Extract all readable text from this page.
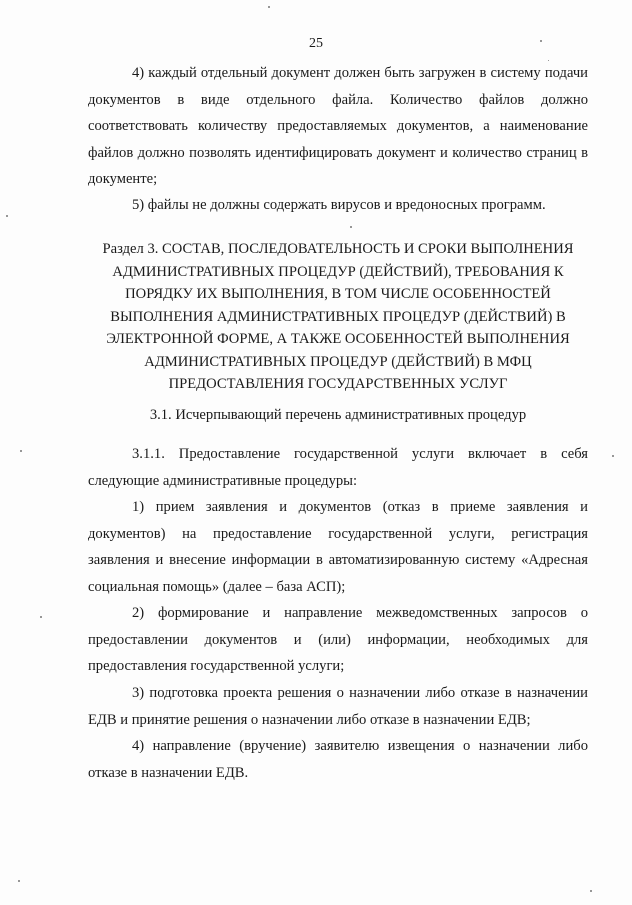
25

4) каждый отдельный документ должен быть загружен в систему подачи документов в виде отдельного файла. Количество файлов должно соответствовать количеству предоставляемых документов, а наименование файлов должно позволять идентифицировать документ и количество страниц в документе;

5) файлы не должны содержать вирусов и вредоносных программ.

Раздел 3. СОСТАВ, ПОСЛЕДОВАТЕЛЬНОСТЬ И СРОКИ ВЫПОЛНЕНИЯ АДМИНИСТРАТИВНЫХ ПРОЦЕДУР (ДЕЙСТВИЙ), ТРЕБОВАНИЯ К ПОРЯДКУ ИХ ВЫПОЛНЕНИЯ, В ТОМ ЧИСЛЕ ОСОБЕННОСТЕЙ ВЫПОЛНЕНИЯ АДМИНИСТРАТИВНЫХ ПРОЦЕДУР (ДЕЙСТВИЙ) В ЭЛЕКТРОННОЙ ФОРМЕ, А ТАКЖЕ ОСОБЕННОСТЕЙ ВЫПОЛНЕНИЯ АДМИНИСТРАТИВНЫХ ПРОЦЕДУР (ДЕЙСТВИЙ) В МФЦ ПРЕДОСТАВЛЕНИЯ ГОСУДАРСТВЕННЫХ УСЛУГ
3.1. Исчерпывающий перечень административных процедур

3.1.1. Предоставление государственной услуги включает в себя следующие административные процедуры:

1) прием заявления и документов (отказ в приеме заявления и документов) на предоставление государственной услуги, регистрация заявления и внесение информации в автоматизированную систему «Адресная социальная помощь» (далее – база АСП);

2) формирование и направление межведомственных запросов о предоставлении документов и (или) информации, необходимых для предоставления государственной услуги;

3) подготовка проекта решения о назначении либо отказе в назначении ЕДВ и принятие решения о назначении либо отказе в назначении ЕДВ;

4) направление (вручение) заявителю извещения о назначении либо отказе в назначении ЕДВ.
